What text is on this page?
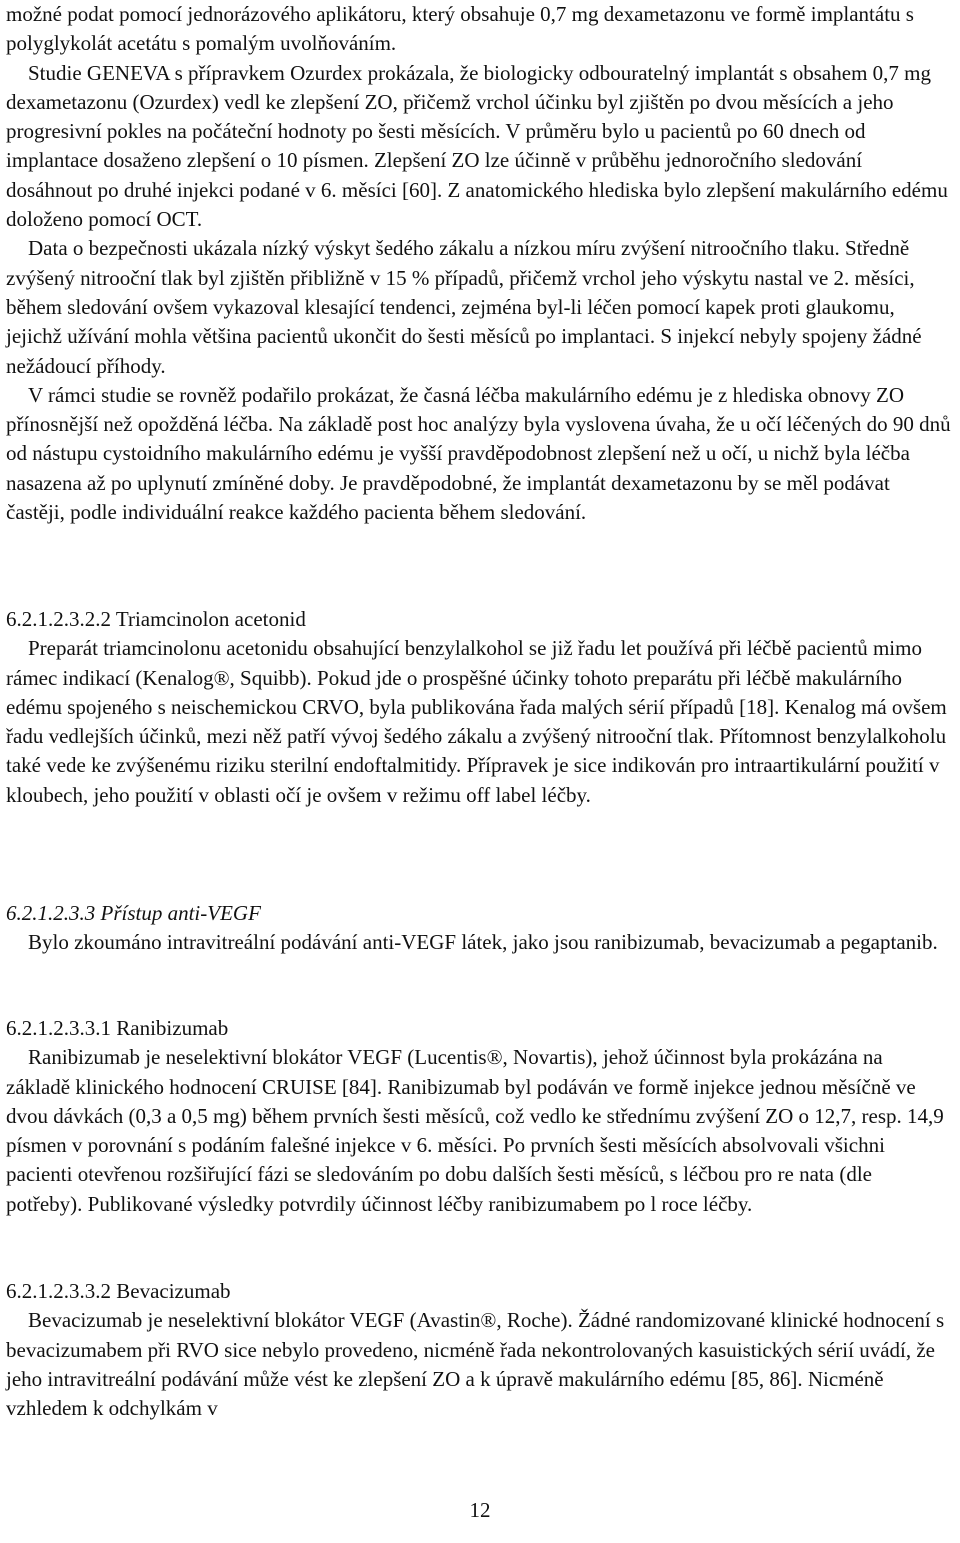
možné podat pomocí jednorázového aplikátoru, který obsahuje 0,7 mg dexametazonu ve formě implantátu s polyglykolát acetátu s pomalým uvolňováním.

Studie GENEVA s přípravkem Ozurdex prokázala, že biologicky odbouratelný implantát s obsahem 0,7 mg dexametazonu (Ozurdex) vedl ke zlepšení ZO, přičemž vrchol účinku byl zjištěn po dvou měsících a jeho progresivní pokles na počáteční hodnoty po šesti měsících. V průměru bylo u pacientů po 60 dnech od implantace dosaženo zlepšení o 10 písmen. Zlepšení ZO lze účinně v průběhu jednoročního sledování dosáhnout po druhé injekci podané v 6. měsíci [60]. Z anatomického hlediska bylo zlepšení makulárního edému doloženo pomocí OCT.

Data o bezpečnosti ukázala nízký výskyt šedého zákalu a nízkou míru zvýšení nitroočního tlaku. Středně zvýšený nitrooční tlak byl zjištěn přibližně v 15 % případů, přičemž vrchol jeho výskytu nastal ve 2. měsíci, během sledování ovšem vykazoval klesající tendenci, zejména byl-li léčen pomocí kapek proti glaukomu, jejichž užívání mohla většina pacientů ukončit do šesti měsíců po implantaci. S injekcí nebyly spojeny žádné nežádoucí příhody.

V rámci studie se rovněž podařilo prokázat, že časná léčba makulárního edému je z hlediska obnovy ZO přínosnější než opožděná léčba. Na základě post hoc analýzy byla vyslovena úvaha, že u očí léčených do 90 dnů od nástupu cystoidního makulárního edému je vyšší pravděpodobnost zlepšení než u očí, u nichž byla léčba nasazena až po uplynutí zmíněné doby. Je pravděpodobné, že implantát dexametazonu by se měl podávat častěji, podle individuální reakce každého pacienta během sledování.

6.2.1.2.3.2.2 Triamcinolon acetonid

Preparát triamcinolonu acetonidu obsahující benzylalkohol se již řadu let používá při léčbě pacientů mimo rámec indikací (Kenalog®, Squibb). Pokud jde o prospěšné účinky tohoto preparátu při léčbě makulárního edému spojeného s neischemickou CRVO, byla publikována řada malých sérií případů [18]. Kenalog má ovšem řadu vedlejších účinků, mezi něž patří vývoj šedého zákalu a zvýšený nitrooční tlak. Přítomnost benzylalkoholu také vede ke zvýšenému riziku sterilní endoftalmitidy. Přípravek je sice indikován pro intraartikulární použití v kloubech, jeho použití v oblasti očí je ovšem v režimu off label léčby.

6.2.1.2.3.3 Přístup anti-VEGF

Bylo zkoumáno intravitreální podávání anti-VEGF látek, jako jsou ranibizumab, bevacizumab a pegaptanib.

6.2.1.2.3.3.1 Ranibizumab

Ranibizumab je neselektivní blokátor VEGF (Lucentis®, Novartis), jehož účinnost byla prokázána na základě klinického hodnocení CRUISE [84]. Ranibizumab byl podáván ve formě injekce jednou měsíčně ve dvou dávkách (0,3 a 0,5 mg) během prvních šesti měsíců, což vedlo ke střednímu zvýšení ZO o 12,7, resp. 14,9 písmen v porovnání s podáním falešné injekce v 6. měsíci. Po prvních šesti měsících absolvovali všichni pacienti otevřenou rozšiřující fázi se sledováním po dobu dalších šesti měsíců, s léčbou pro re nata (dle potřeby). Publikované výsledky potvrdily účinnost léčby ranibizumabem po l roce léčby.

6.2.1.2.3.3.2 Bevacizumab

Bevacizumab je neselektivní blokátor VEGF (Avastin®, Roche). Žádné randomizované klinické hodnocení s bevacizumabem při RVO sice nebylo provedeno, nicméně řada nekontrolovaných kasuistických sérií uvádí, že jeho intravitreální podávání může vést ke zlepšení ZO a k úpravě makulárního edému [85, 86]. Nicméně vzhledem k odchylkám v

12
